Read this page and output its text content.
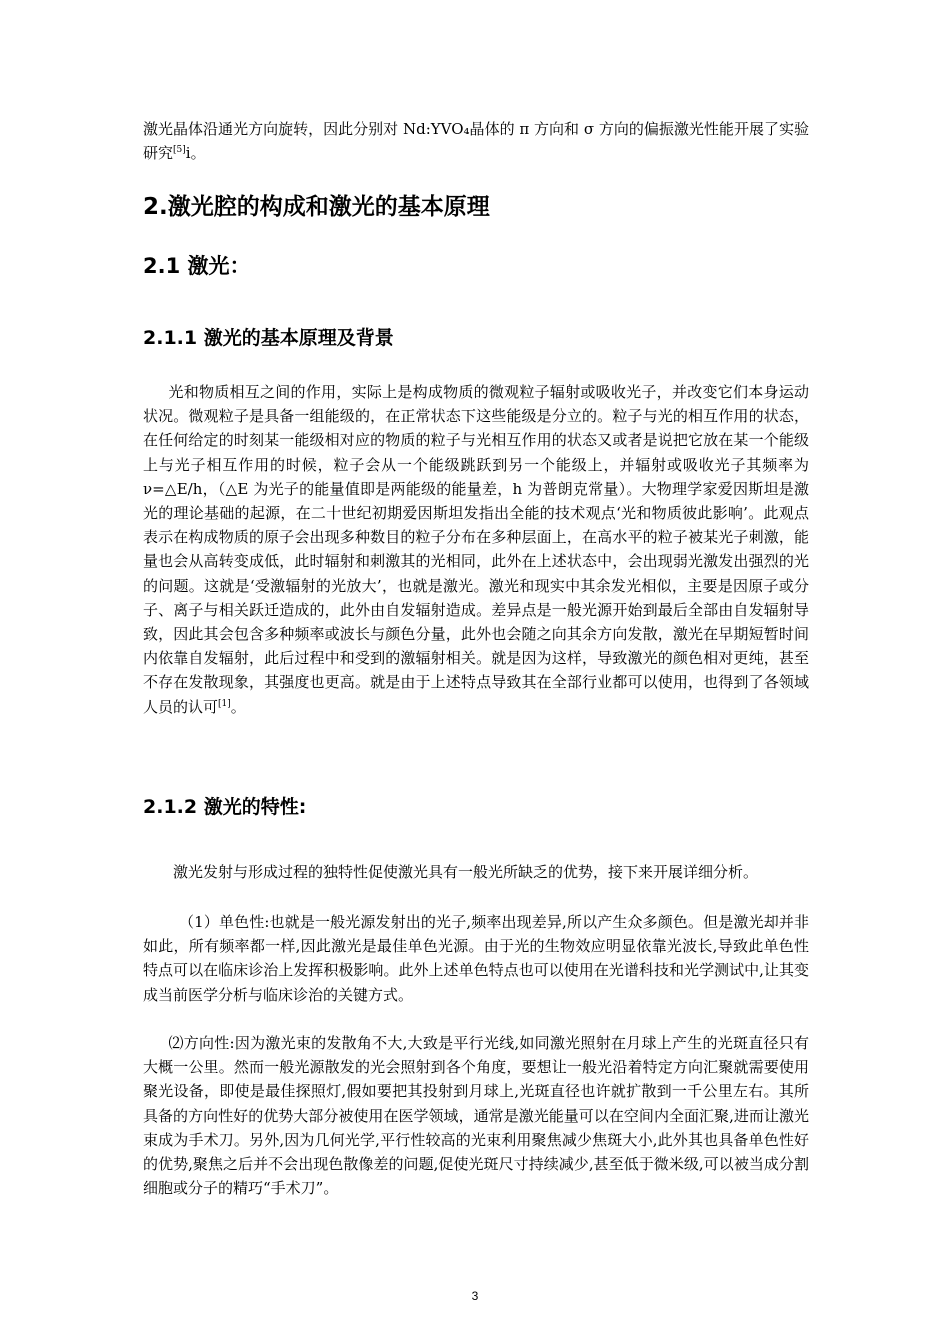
激光晶体沿通光方向旋转，因此分别对 Nd:YVO₄晶体的 π 方向和 σ 方向的偏振激光性能开展了实验研究[5]i。

2.激光腔的构成和激光的基本原理
2.1 激光：
2.1.1 激光的基本原理及背景

光和物质相互之间的作用，实际上是构成物质的微观粒子辐射或吸收光子，并改变它们本身运动状况。微观粒子是具备一组能级的，在正常状态下这些能级是分立的。粒子与光的相互作用的状态，在任何给定的时刻某一能级相对应的物质的粒子与光相互作用的状态又或者是说把它放在某一个能级上与光子相互作用的时候，粒子会从一个能级跳跃到另一个能级上，并辐射或吸收光子其频率为 ν=△E/h，（△E 为光子的能量值即是两能级的能量差，h 为普朗克常量）。大物理学家爱因斯坦是激光的理论基础的起源，在二十世纪初期爱因斯坦发指出全能的技术观点‘光和物质彼此影响’。此观点表示在构成物质的原子会出现多种数目的粒子分布在多种层面上，在高水平的粒子被某光子刺激，能量也会从高转变成低，此时辐射和刺激其的光相同，此外在上述状态中，会出现弱光激发出强烈的光的问题。这就是‘受激辐射的光放大’，也就是激光。激光和现实中其余发光相似，主要是因原子或分子、离子与相关跃迁造成的，此外由自发辐射造成。差异点是一般光源开始到最后全部由自发辐射导致，因此其会包含多种频率或波长与颜色分量，此外也会随之向其余方向发散，激光在早期短暂时间内依靠自发辐射，此后过程中和受到的激辐射相关。就是因为这样，导致激光的颜色相对更纯，甚至不存在发散现象，其强度也更高。就是由于上述特点导致其在全部行业都可以使用，也得到了各领域人员的认可[1]。

2.1.2 激光的特性:

激光发射与形成过程的独特性促使激光具有一般光所缺乏的优势，接下来开展详细分析。

（1）单色性:也就是一般光源发射出的光子,频率出现差异,所以产生众多颜色。但是激光却并非如此，所有频率都一样,因此激光是最佳单色光源。由于光的生物效应明显依靠光波长,导致此单色性特点可以在临床诊治上发挥积极影响。此外上述单色特点也可以使用在光谱科技和光学测试中,让其变成当前医学分析与临床诊治的关键方式。

⑵方向性:因为激光束的发散角不大,大致是平行光线,如同激光照射在月球上产生的光斑直径只有大概一公里。然而一般光源散发的光会照射到各个角度，要想让一般光沿着特定方向汇聚就需要使用聚光设备，即使是最佳探照灯,假如要把其投射到月球上,光斑直径也许就扩散到一千公里左右。其所具备的方向性好的优势大部分被使用在医学领域，通常是激光能量可以在空间内全面汇聚,进而让激光束成为手术刀。另外,因为几何光学,平行性较高的光束利用聚焦减少焦斑大小,此外其也具备单色性好的优势,聚焦之后并不会出现色散像差的问题,促使光斑尺寸持续减少,甚至低于微米级,可以被当成分割细胞或分子的精巧“手术刀”。

3
